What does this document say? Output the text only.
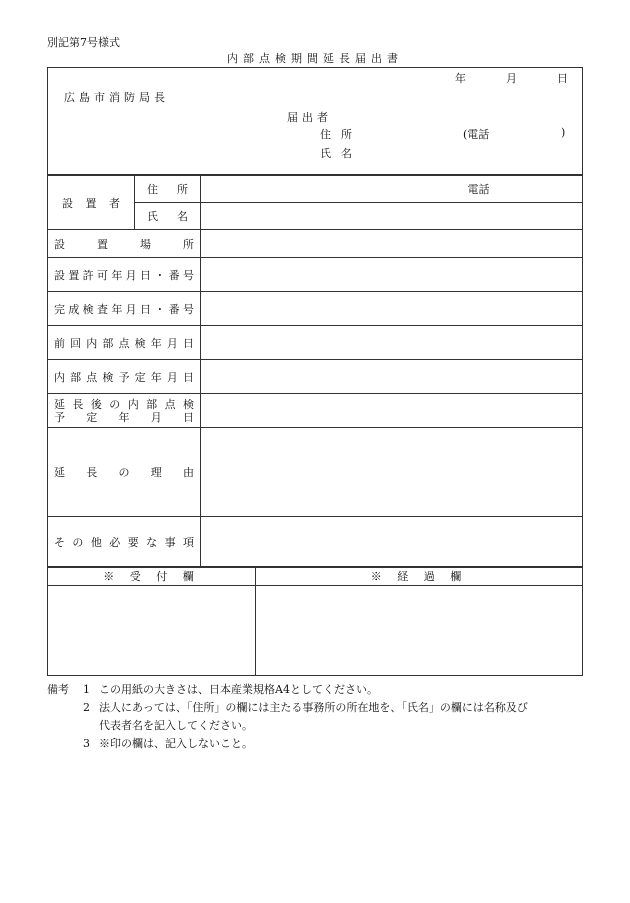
別記第7号様式
内部点検期間延長届出書
年	月	日
広島市消防局長
届出者
住所	(電話	)
氏名
設置者	住所	電話

	氏名	

設置場所		

設置許可年月日・番号		

完成検査年月日・番号		

前回内部点検年月日		

内部点検予定年月日		

延長後の内部点検
予定年月日		

延長の理由		

その他必要な事項		

※ 受 付 欄	※ 経 過 欄

備考 1 この用紙の大きさは、日本産業規格A4としてください。
2 法人にあっては、「住所」の欄には主たる事務所の所在地を、「氏名」の欄には名称及び
代表者名を記入してください。
3 ※印の欄は、記入しないこと。
